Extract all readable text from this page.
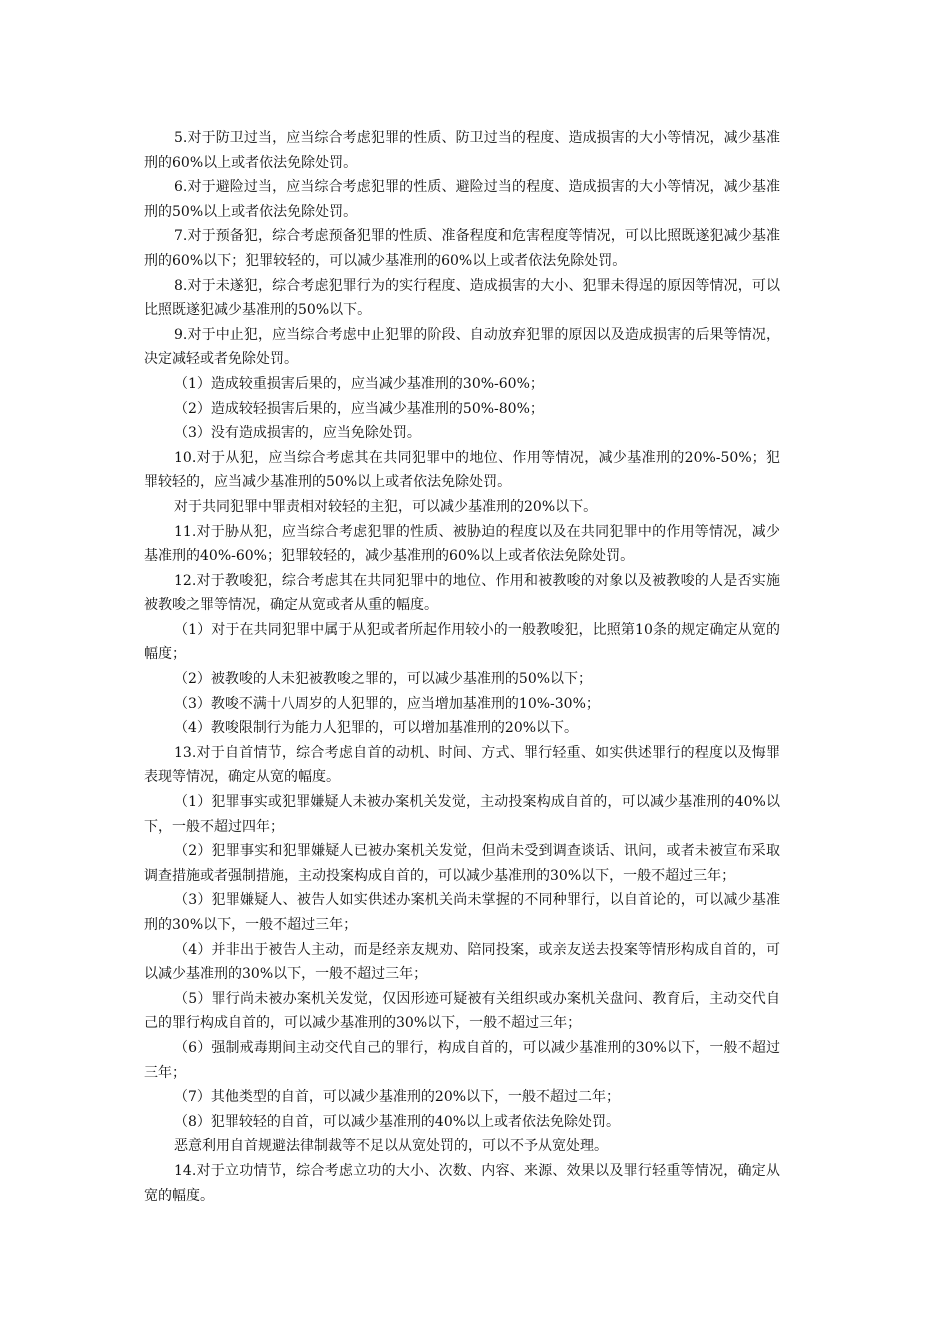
5.对于防卫过当，应当综合考虑犯罪的性质、防卫过当的程度、造成损害的大小等情况，减少基准刑的60%以上或者依法免除处罚。

6.对于避险过当，应当综合考虑犯罪的性质、避险过当的程度、造成损害的大小等情况，减少基准刑的50%以上或者依法免除处罚。

7.对于预备犯，综合考虑预备犯罪的性质、准备程度和危害程度等情况，可以比照既遂犯减少基准刑的60%以下；犯罪较轻的，可以减少基准刑的60%以上或者依法免除处罚。

8.对于未遂犯，综合考虑犯罪行为的实行程度、造成损害的大小、犯罪未得逞的原因等情况，可以比照既遂犯减少基准刑的50%以下。

9.对于中止犯，应当综合考虑中止犯罪的阶段、自动放弃犯罪的原因以及造成损害的后果等情况，决定减轻或者免除处罚。

（1）造成较重损害后果的，应当减少基准刑的30%-60%；

（2）造成较轻损害后果的，应当减少基准刑的50%-80%；

（3）没有造成损害的，应当免除处罚。

10.对于从犯，应当综合考虑其在共同犯罪中的地位、作用等情况，减少基准刑的20%-50%；犯罪较轻的，应当减少基准刑的50%以上或者依法免除处罚。

对于共同犯罪中罪责相对较轻的主犯，可以减少基准刑的20%以下。

11.对于胁从犯，应当综合考虑犯罪的性质、被胁迫的程度以及在共同犯罪中的作用等情况，减少基准刑的40%-60%；犯罪较轻的，减少基准刑的60%以上或者依法免除处罚。

12.对于教唆犯，综合考虑其在共同犯罪中的地位、作用和被教唆的对象以及被教唆的人是否实施被教唆之罪等情况，确定从宽或者从重的幅度。

（1）对于在共同犯罪中属于从犯或者所起作用较小的一般教唆犯，比照第10条的规定确定从宽的幅度；

（2）被教唆的人未犯被教唆之罪的，可以减少基准刑的50%以下；

（3）教唆不满十八周岁的人犯罪的，应当增加基准刑的10%-30%；

（4）教唆限制行为能力人犯罪的，可以增加基准刑的20%以下。

13.对于自首情节，综合考虑自首的动机、时间、方式、罪行轻重、如实供述罪行的程度以及悔罪表现等情况，确定从宽的幅度。

（1）犯罪事实或犯罪嫌疑人未被办案机关发觉，主动投案构成自首的，可以减少基准刑的40%以下，一般不超过四年；

（2）犯罪事实和犯罪嫌疑人已被办案机关发觉，但尚未受到调查谈话、讯问，或者未被宣布采取调查措施或者强制措施，主动投案构成自首的，可以减少基准刑的30%以下，一般不超过三年；

（3）犯罪嫌疑人、被告人如实供述办案机关尚未掌握的不同种罪行，以自首论的，可以减少基准刑的30%以下，一般不超过三年；

（4）并非出于被告人主动，而是经亲友规劝、陪同投案，或亲友送去投案等情形构成自首的，可以减少基准刑的30%以下，一般不超过三年；

（5）罪行尚未被办案机关发觉，仅因形迹可疑被有关组织或办案机关盘问、教育后，主动交代自己的罪行构成自首的，可以减少基准刑的30%以下，一般不超过三年；

（6）强制戒毒期间主动交代自己的罪行，构成自首的，可以减少基准刑的30%以下，一般不超过三年；

（7）其他类型的自首，可以减少基准刑的20%以下，一般不超过二年；

（8）犯罪较轻的自首，可以减少基准刑的40%以上或者依法免除处罚。

恶意利用自首规避法律制裁等不足以从宽处罚的，可以不予从宽处理。

14.对于立功情节，综合考虑立功的大小、次数、内容、来源、效果以及罪行轻重等情况，确定从宽的幅度。
